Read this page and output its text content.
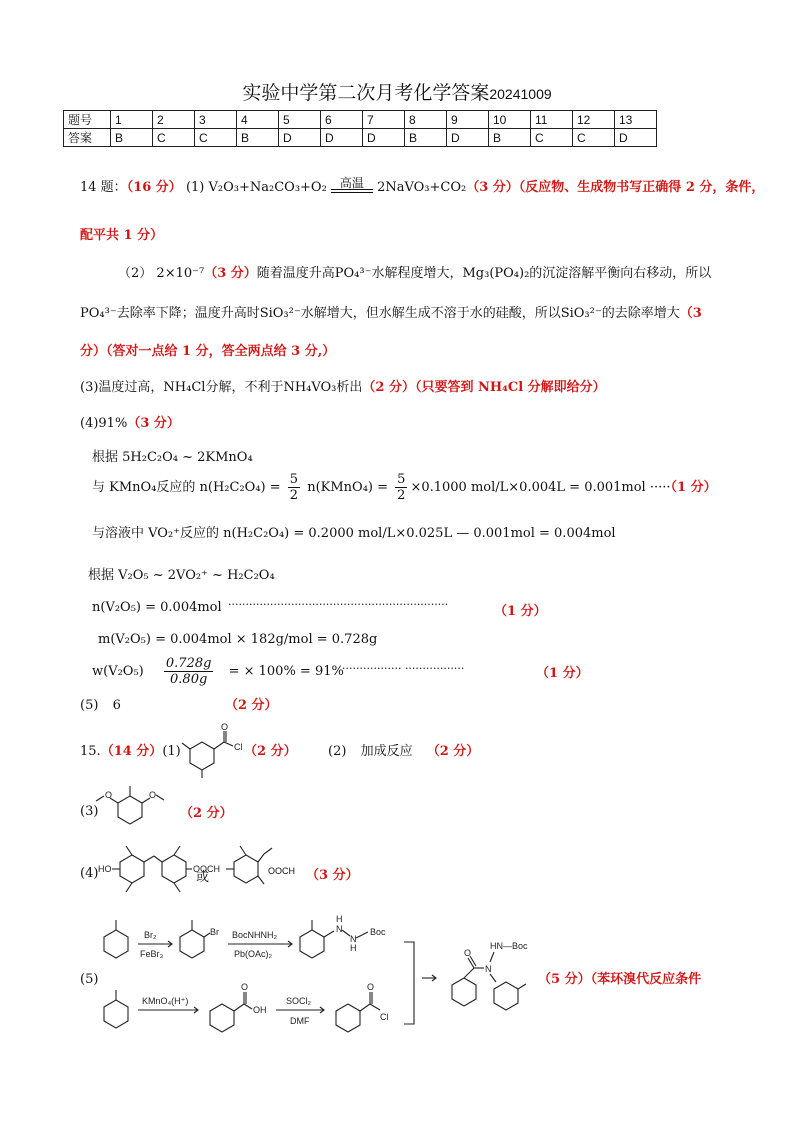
实验中学第二次月考化学答案20241009
题号	1	2	3	4	5	6	7	8	9	10	11	12	13
答案	B	C	C	B	D	D	D	B	D	B	C	C	D
14 题：（16 分） (1) V₂O₃+Na₂CO₃+O₂	高温	2NaVO₃+CO₂（3 分）（反应物、生成物书写正确得 2 分，条件，
配平共 1 分）
（2） 2×10⁻⁷（3 分）随着温度升高PO₄³⁻水解程度增大，Mg₃(PO₄)₂的沉淀溶解平衡向右移动，所以
PO₄³⁻去除率下降；温度升高时SiO₃²⁻水解增大，但水解生成不溶于水的硅酸，所以SiO₃²⁻的去除率增大（3
分）（答对一点给 1 分，答全两点给 3 分,）
(3)温度过高，NH₄Cl分解，不利于NH₄VO₃析出（2 分）（只要答到 NH₄Cl 分解即给分）
(4)91%（3 分）
根据 5H₂C₂O₄ ~ 2KMnO₄
与 KMnO₄反应的 $n(H_2C_2O_4) = \frac{5}{2}$ n(KMnO₄) = $\frac{5}{2} \times 0.1000$ mol/L×0.004L = 0.001mol ·····（1 分）
与溶液中 VO₂⁺反应的 n(H₂C₂O₄) = 0.2000 mol/L×0.025L — 0.001mol = 0.004mol
根据 V₂O₅ ~ 2VO₂⁺ ~ H₂C₂O₄
n(V₂O₅) = 0.004mol ·······························································	（1 分）
m(V₂O₅) = 0.004mol × 182g/mol = 0.728g
$w(V_2O_5) \frac{0.728g}{0.80g}$ = × 100% = 91%
················· ·················	（1 分）
(5) 6	（2 分）
15.（14 分）(1)
O
Cl （2 分） (2) 加成反应 （2 分）
(3)
O	O
（2 分）
(4) HO	OOCH
或	OOCH （3 分）
(5)
Br₂
FeBr₃
Br BocNHNH₂
Pb(OAc)₂
H
N
N
H
Boc
KMnO₄(H⁺)
O
OH
SOCl₂
DMF
O
Cl
O
N
HN—Boc
（5 分）（苯环溴代反应条件
